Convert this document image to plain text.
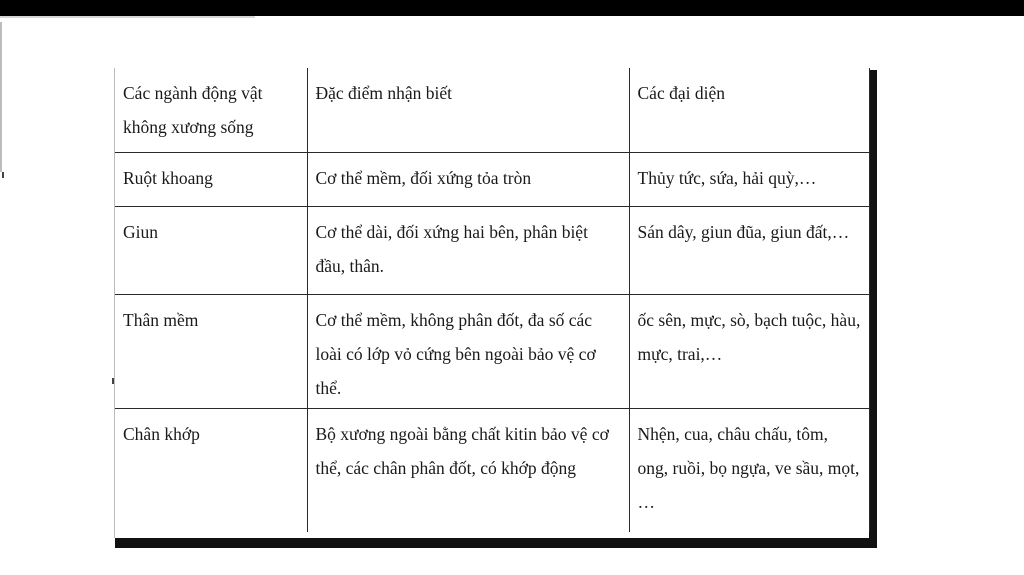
Các ngành động vật không xương sống	Đặc điểm nhận biết	Các đại diện
Ruột khoang	Cơ thể mềm, đối xứng tỏa tròn	Thủy tức, sứa, hải quỳ,…
Giun	Cơ thể dài, đối xứng hai bên, phân biệt đầu, thân.	Sán dây, giun đũa, giun đất,…
Thân mềm	Cơ thể mềm, không phân đốt, đa số các loài có lớp vỏ cứng bên ngoài bảo vệ cơ thể.	ốc sên, mực, sò, bạch tuộc, hàu, mực, trai,…
Chân khớp	Bộ xương ngoài bằng chất kitin bảo vệ cơ thể, các chân phân đốt, có khớp động	Nhện, cua, châu chấu, tôm, ong, ruồi, bọ ngựa, ve sầu, mọt, …
